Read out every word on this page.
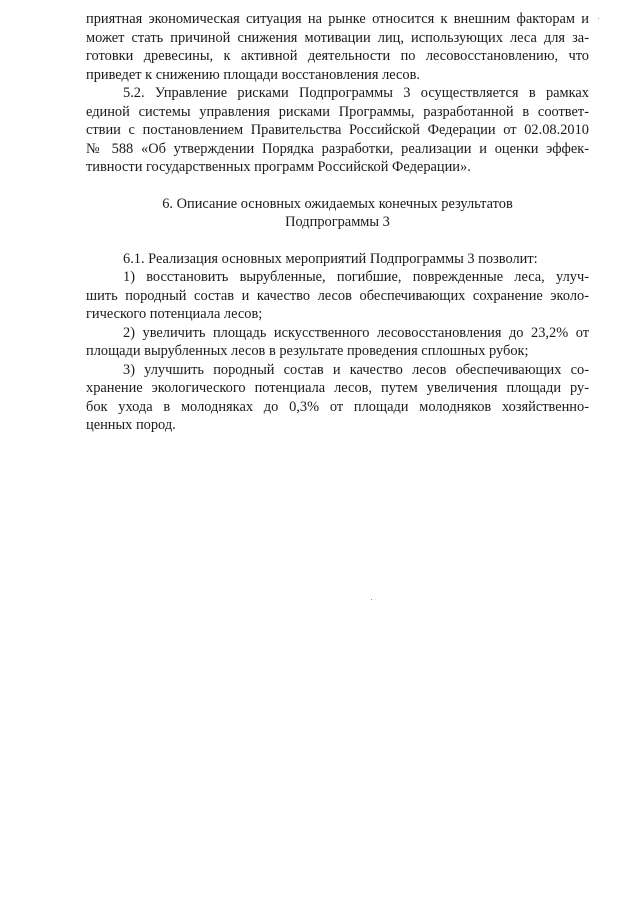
приятная экономическая ситуация на рынке относится к внешним факторам и
может стать причиной снижения мотивации лиц, использующих леса для за-
готовки древесины, к активной деятельности по лесовосстановлению, что
приведет к снижению площади восстановления лесов.
5.2. Управление рисками Подпрограммы 3 осуществляется в рамках
единой системы управления рисками Программы, разработанной в соответ-
ствии с постановлением Правительства Российской Федерации от 02.08.2010
№ 588 «Об утверждении Порядка разработки, реализации и оценки эффек-
тивности государственных программ Российской Федерации».
6. Описание основных ожидаемых конечных результатов
Подпрограммы 3
6.1. Реализация основных мероприятий Подпрограммы 3 позволит:
1) восстановить вырубленные, погибшие, поврежденные леса, улуч-
шить породный состав и качество лесов обеспечивающих сохранение эколо-
гического потенциала лесов;
2) увеличить площадь искусственного лесовосстановления до 23,2% от
площади вырубленных лесов в результате проведения сплошных рубок;
3) улучшить породный состав и качество лесов обеспечивающих со-
хранение экологического потенциала лесов, путем увеличения площади ру-
бок ухода в молодняках до 0,3% от площади молодняков хозяйственно-
ценных пород.
